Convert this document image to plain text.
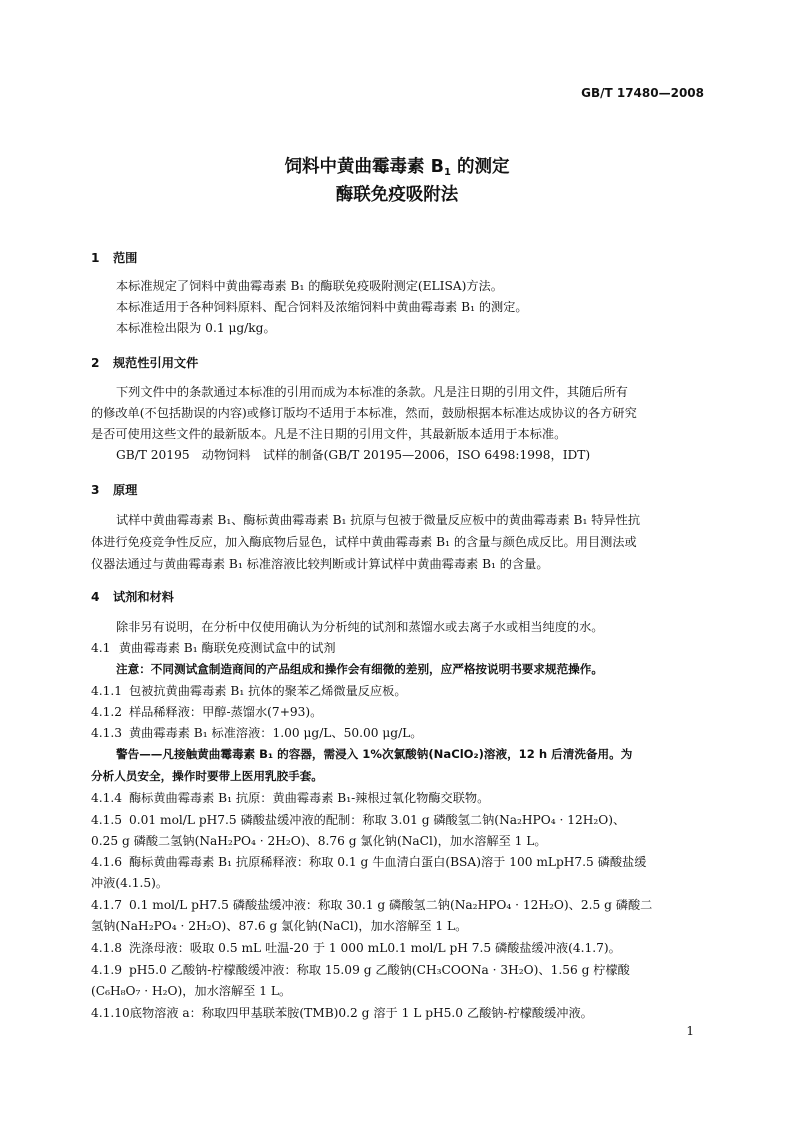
GB/T 17480—2008
饲料中黄曲霉毒素 $B_1$ 的测定
酶联免疫吸附法
1 范围
本标准规定了饲料中黄曲霉毒素 B₁ 的酶联免疫吸附测定(ELISA)方法。
本标准适用于各种饲料原料、配合饲料及浓缩饲料中黄曲霉毒素 B₁ 的测定。
本标准检出限为 0.1 μg/kg。
2 规范性引用文件
下列文件中的条款通过本标准的引用而成为本标准的条款。凡是注日期的引用文件，其随后所有
的修改单(不包括勘误的内容)或修订版均不适用于本标准，然而，鼓励根据本标准达成协议的各方研究
是否可使用这些文件的最新版本。凡是不注日期的引用文件，其最新版本适用于本标准。
GB/T 20195　动物饲料　试样的制备(GB/T 20195—2006，ISO 6498:1998，IDT)
3 原理
试样中黄曲霉毒素 B₁、酶标黄曲霉毒素 B₁ 抗原与包被于微量反应板中的黄曲霉毒素 B₁ 特异性抗
体进行免疫竞争性反应，加入酶底物后显色，试样中黄曲霉毒素 B₁ 的含量与颜色成反比。用目测法或
仪器法通过与黄曲霉毒素 B₁ 标准溶液比较判断或计算试样中黄曲霉毒素 B₁ 的含量。
4 试剂和材料
除非另有说明，在分析中仅使用确认为分析纯的试剂和蒸馏水或去离子水或相当纯度的水。
4.1 黄曲霉毒素 B₁ 酶联免疫测试盒中的试剂
注意：不同测试盒制造商间的产品组成和操作会有细微的差别，应严格按说明书要求规范操作。
4.1.1 包被抗黄曲霉毒素 B₁ 抗体的聚苯乙烯微量反应板。
4.1.2 样品稀释液：甲醇-蒸馏水(7+93)。
4.1.3 黄曲霉毒素 B₁ 标准溶液：1.00 μg/L、50.00 μg/L。
警告——凡接触黄曲霉毒素 B₁ 的容器，需浸入 1%次氯酸钠(NaClO₂)溶液，12 h 后清洗备用。为
分析人员安全，操作时要带上医用乳胶手套。
4.1.4 酶标黄曲霉毒素 B₁ 抗原：黄曲霉毒素 B₁-辣根过氧化物酶交联物。
4.1.5 0.01 mol/L pH7.5 磷酸盐缓冲液的配制：称取 3.01 g 磷酸氢二钠(Na₂HPO₄ · 12H₂O)、
0.25 g 磷酸二氢钠(NaH₂PO₄ · 2H₂O)、8.76 g 氯化钠(NaCl)，加水溶解至 1 L。
4.1.6 酶标黄曲霉毒素 B₁ 抗原稀释液：称取 0.1 g 牛血清白蛋白(BSA)溶于 100 mLpH7.5 磷酸盐缓
冲液(4.1.5)。
4.1.7 0.1 mol/L pH7.5 磷酸盐缓冲液：称取 30.1 g 磷酸氢二钠(Na₂HPO₄ · 12H₂O)、2.5 g 磷酸二
氢钠(NaH₂PO₄ · 2H₂O)、87.6 g 氯化钠(NaCl)，加水溶解至 1 L。
4.1.8 洗涤母液：吸取 0.5 mL 吐温-20 于 1 000 mL0.1 mol/L pH 7.5 磷酸盐缓冲液(4.1.7)。
4.1.9 pH5.0 乙酸钠-柠檬酸缓冲液：称取 15.09 g 乙酸钠(CH₃COONa · 3H₂O)、1.56 g 柠檬酸
(C₆H₈O₇ · H₂O)，加水溶解至 1 L。
4.1.10底物溶液 a：称取四甲基联苯胺(TMB)0.2 g 溶于 1 L pH5.0 乙酸钠-柠檬酸缓冲液。
1
